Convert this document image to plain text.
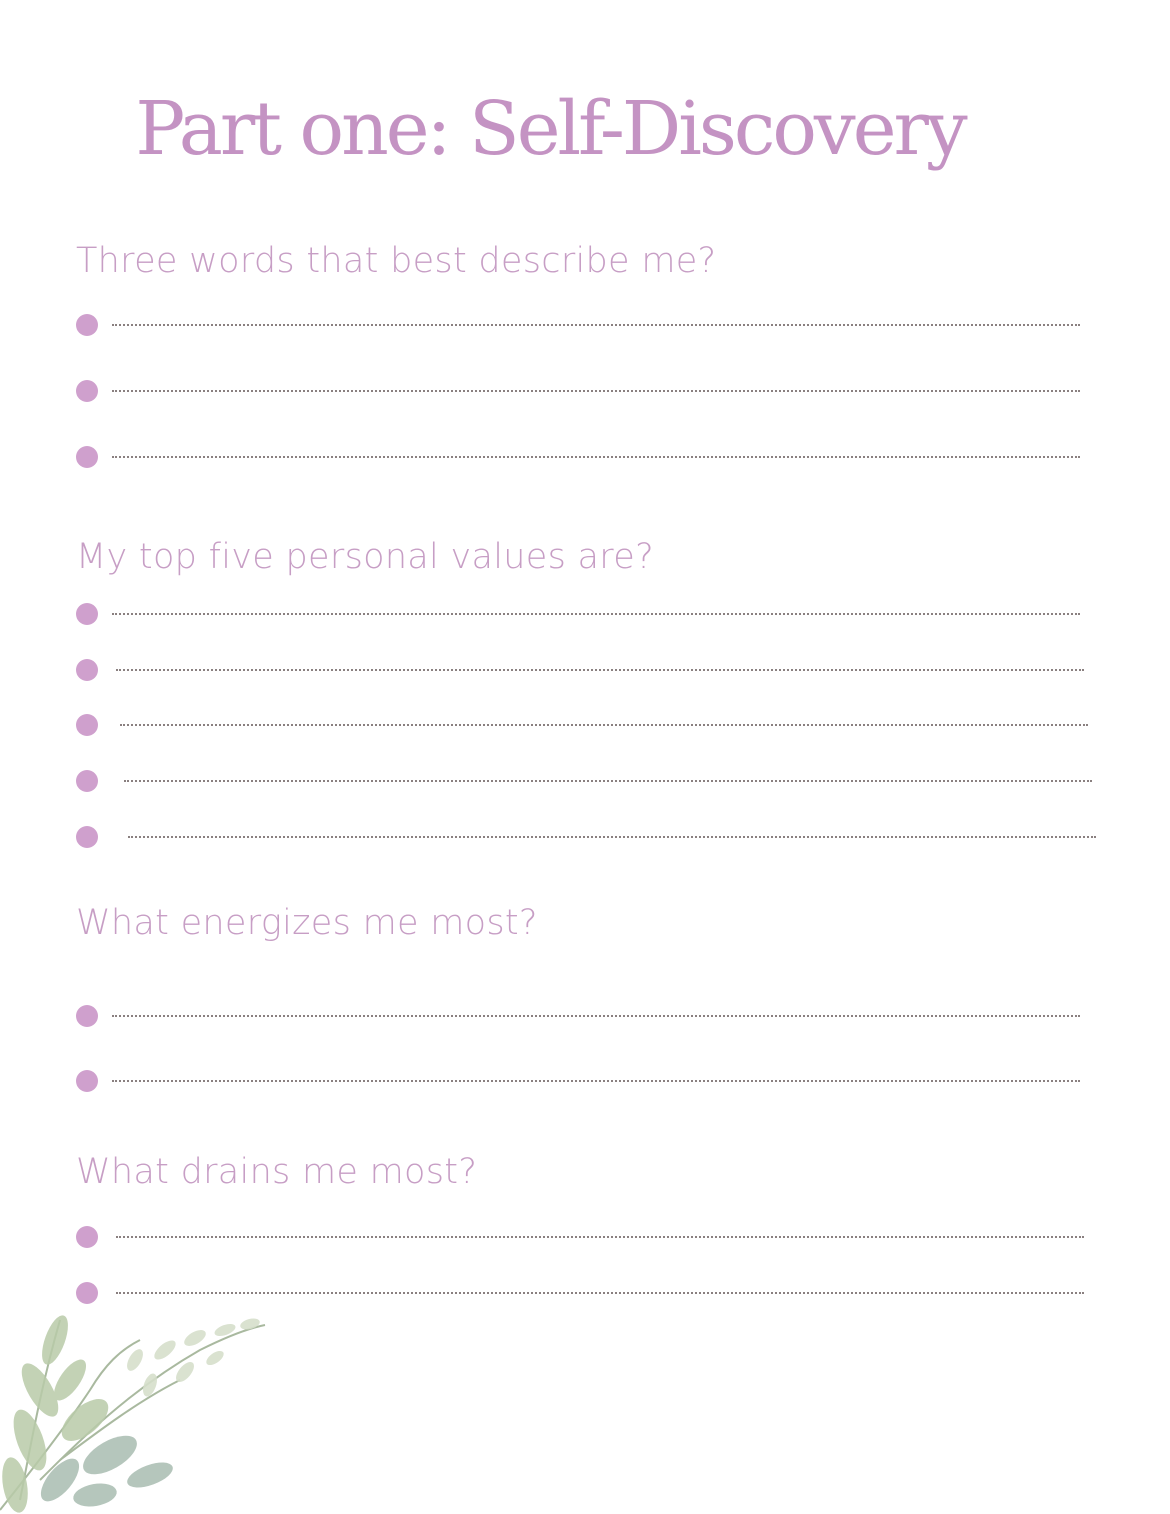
Part one: Self-Discovery
Three words that best describe me?
My top five personal values are?
What energizes me most?
What drains me most?
